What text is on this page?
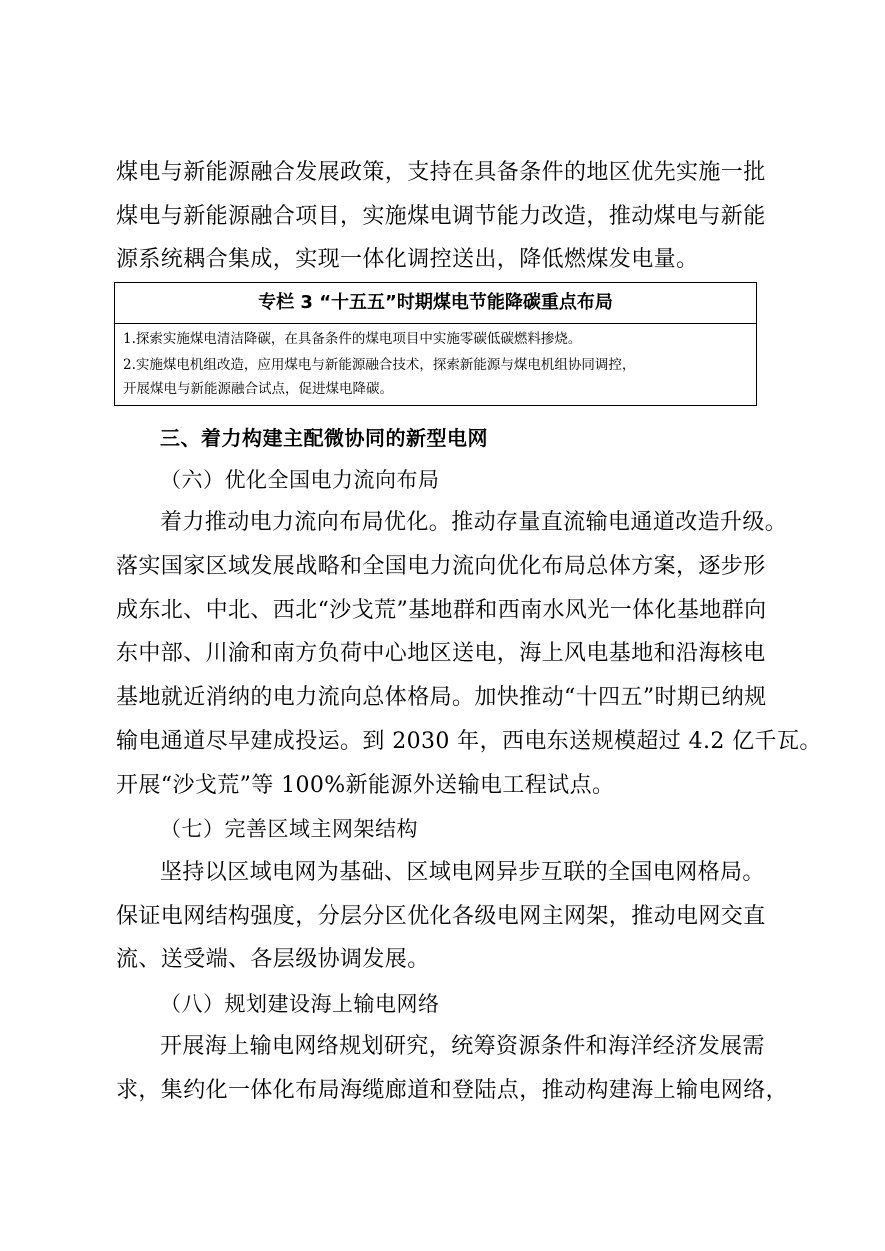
煤电与新能源融合发展政策，支持在具备条件的地区优先实施一批
煤电与新能源融合项目，实施煤电调节能力改造，推动煤电与新能
源系统耦合集成，实现一体化调控送出，降低燃煤发电量。
专栏 3 “十五五”时期煤电节能降碳重点布局
1.探索实施煤电清洁降碳，在具备条件的煤电项目中实施零碳低碳燃料掺烧。
2.实施煤电机组改造，应用煤电与新能源融合技术，探索新能源与煤电机组协同调控，
开展煤电与新能源融合试点，促进煤电降碳。
三、着力构建主配微协同的新型电网
（六）优化全国电力流向布局
着力推动电力流向布局优化。推动存量直流输电通道改造升级。
落实国家区域发展战略和全国电力流向优化布局总体方案，逐步形
成东北、中北、西北“沙戈荒”基地群和西南水风光一体化基地群向
东中部、川渝和南方负荷中心地区送电，海上风电基地和沿海核电
基地就近消纳的电力流向总体格局。加快推动“十四五”时期已纳规
输电通道尽早建成投运。到 2030 年，西电东送规模超过 4.2 亿千瓦。
开展“沙戈荒”等 100%新能源外送输电工程试点。
（七）完善区域主网架结构
坚持以区域电网为基础、区域电网异步互联的全国电网格局。
保证电网结构强度，分层分区优化各级电网主网架，推动电网交直
流、送受端、各层级协调发展。
（八）规划建设海上输电网络
开展海上输电网络规划研究，统筹资源条件和海洋经济发展需
求，集约化一体化布局海缆廊道和登陆点，推动构建海上输电网络，
